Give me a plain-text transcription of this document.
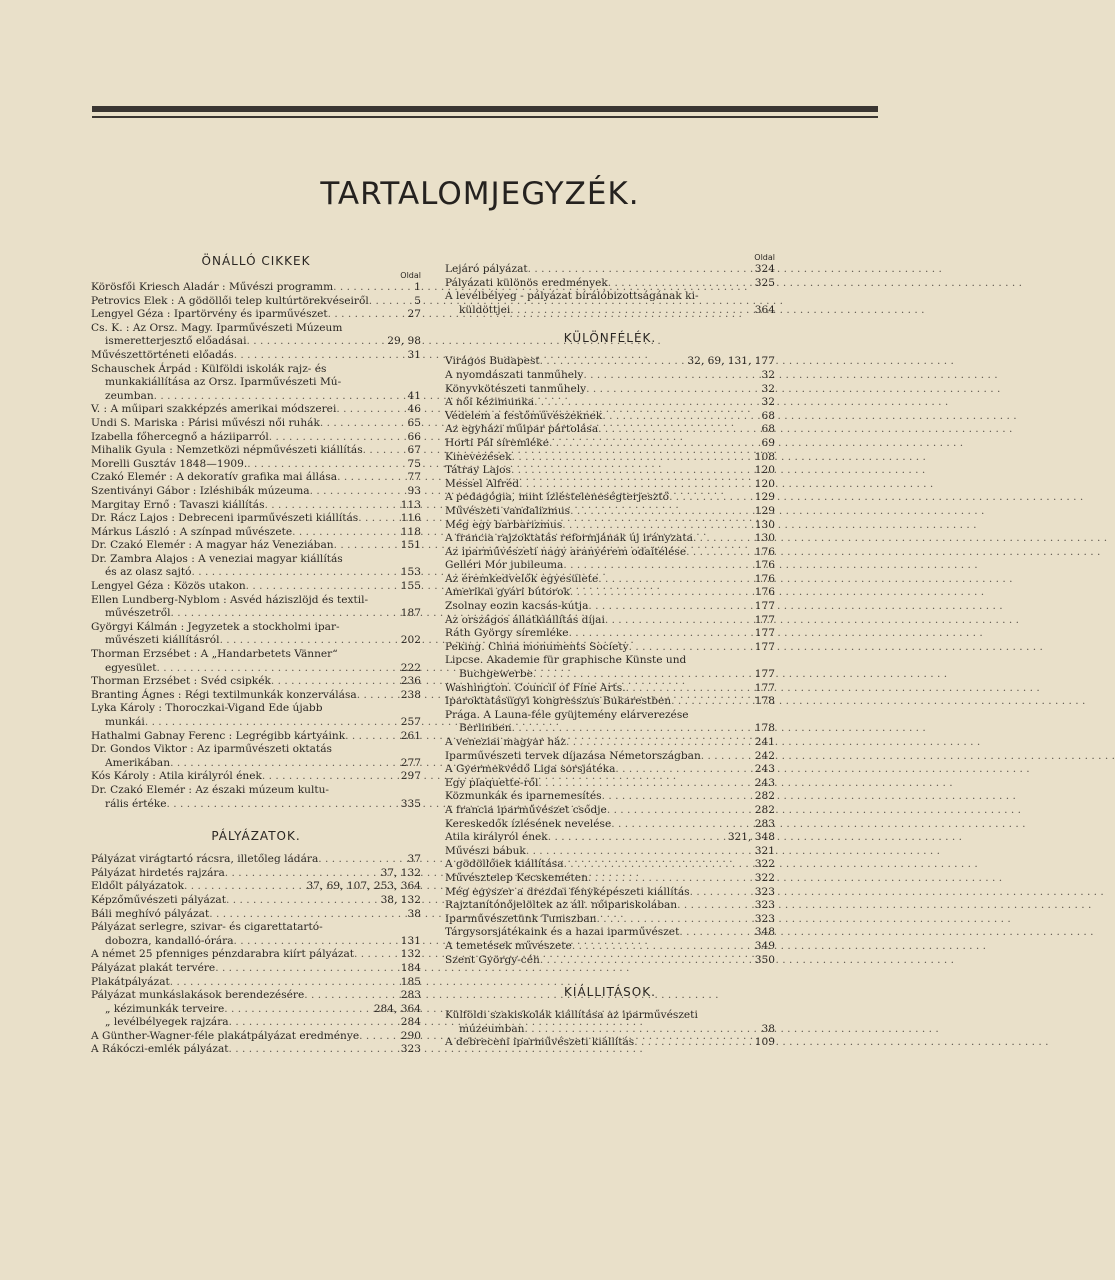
TARTALOMJEGYZÉK.
ÖNÁLLÓ CIKKEK
Oldal
Körösfői Kriesch Aladár : Művészi programm . . .	1
Petrovics Elek : A gödöllői telep kultúrtörekvéseiről . . .	5
Lengyel Géza : Ipartörvény és iparművészet . . .	27
Cs. K. : Az Orsz. Magy. Iparművészeti Múzeum
ismeretterjesztő előadásai . . .	29, 98
Művészettörténeti előadás . . .	31
Schauschek Árpád : Külföldi iskolák rajz- és
munkakiállítása az Orsz. Iparművészeti Mú-
zeumban . . .	41
V. : A műipari szakképzés amerikai módszerei . . .	46
Undi S. Mariska : Párisi művészi női ruhák . . .	65
Izabella főhercegnő a háziiparról . . .	66
Mihalik Gyula : Nemzetközi népművészeti kiállítás . . .	67
Morelli Gusztáv 1848—1909. . . .	75
Czakó Elemér : A dekoratív grafika mai állása . . .	77
Szentiványi Gábor : Izléshibák múzeuma . . .	93
Margitay Ernő : Tavaszi kiállítás . . .	113
Dr. Rácz Lajos : Debreceni iparművészeti kiállítás . . .	116
Márkus László : A színpad művészete . . .	118
Dr. Czakó Elemér : A magyar ház Veneziában . . .	151
Dr. Zambra Alajos : A veneziai magyar kiállítás
és az olasz sajtó . . .	153
Lengyel Géza : Közös utakon . . .	155
Ellen Lundberg-Nyblom : Asvéd háziszlöjd és textil-
művészetről . . .	187
Györgyi Kálmán : Jegyzetek a stockholmi ipar-
művészeti kiállításról . . .	202
Thorman Erzsébet : A „Handarbetets Vänner“
egyesület . . .	222
Thorman Erzsébet : Svéd csipkék . . .	236
Branting Ágnes : Régi textilmunkák konzerválása . . .	238
Lyka Károly : Thoroczkai-Vigand Ede újabb
munkái . . .	257
Hathalmi Gabnay Ferenc : Legrégibb kártyáink . . .	261
Dr. Gondos Viktor : Az iparművészeti oktatás
Amerikában . . .	277
Kós Károly : Atila királyról ének . . .	297
Dr. Czakó Elemér : Az északi múzeum kultu-
rális értéke . . .	335
PÁLYÁZATOK.
Pályázat virágtartó rácsra, illetőleg ládára . . .	37
Pályázat hirdetés rajzára . . .	37, 132
Eldőlt pályázatok . . .	37, 69, 107, 253, 364
Képzőművészeti pályázat . . .	38, 132
Báli meghívó pályázat . . .	38
Pályázat serlegre, szivar- és cigarettatartó-
dobozra, kandalló-órára . . .	131
A német 25 pfenniges pénzdarabra kiírt pályázat . . .	132
Pályázat plakát tervére . . .	184
Plakátpályázat . . .	185
Pályázat munkáslakások berendezésére . . .	283
„ kézimunkák terveire . . .	284, 364
„ levélbélyegek rajzára . . .	284
A Günther-Wagner-féle plakátpályázat eredménye . . .	290
A Rákóczi-emlék pályázat . . .	323
Oldal
Lejáró pályázat . . .	324
Pályázati különös eredmények . . .	325
A levélbélyeg - pályázat bírálóbizottságának ki-
küldöttjei . . .	364
KÜLÖNFÉLÉK.
Virágos Budapest . . .	32, 69, 131, 177
A nyomdászati tanműhely . . .	32
Könyvkötészeti tanműhely . . .	32
A női kézimunka . . .	32
Védelem a festőművészeknek . . .	68
Az egyházi műipar pártolása . . .	68
Horti Pál síremléke . . .	69
Kinevezések . . .	108
Tátray Lajos . . .	120
Messel Alfréd . . .	120
A pedagógia, mint ízlésteleneségterjesztő . . .	129
Művészeti vandalizmus . . .	129
Még egy barbarizmus . . .	130
A francia rajzoktatás reformjának új irányzata . . .	130
Az iparművészeti nagy aranyérem odaítélése . . .	176
Gelléri Mór jubileuma . . .	176
Az éremkedvelők egyesülete . . .	176
Amerikai gyári bútorok . . .	176
Zsolnay eozin kacsás-kútja . . .	177
Az országos állatkiállítás díjai . . .	177
Ráth György síremléke . . .	177
Peking. China monuments Society . . .	177
Lipcse. Akademie für graphische Künste und
Buchgewerbe . . .	177
Washington. Council of Fine Arts. . . .	177
Iparoktatásügyi kongresszus Bukarestben . . .	178
Prága. A Launa-féle gyüjtemény elárverezése
Berlinben . . .	178
A veneziai magyar ház . . .	241
Iparművészeti tervek díjazása Németországban . . .	242
A Gyermekvédő Liga sorsjátéka . . .	243
Egy plaquette-ről . . .	243
Közmunkák és iparnemesítés . . .	282
A francia iparművészet csődje . . .	282
Kereskedők ízlésének nevelése . . .	283
Atila királyról ének . . .	321, 348
Művészi bábuk . . .	321
A gödöllőiek kiállítása . . .	322
Művésztelep Kecskeméten . . .	322
Még egyszer a drezdai fényképészeti kiállítás . . .	323
Rajztanítónőjelöltek az áll. nőipariskolában . . .	323
Iparművészetünk Tuniszban . . .	323
Tárgysorsjátékaink és a hazai iparművészet . . .	348
A temetések művészete . . .	349
Szent György-céh . . .	350
KIÁLLITÁSOK.
Külföldi szakiskolák kiállítása az iparművészeti
múzeumban . . .	38
A debreceni iparművészeti kiállítás . . .	109
